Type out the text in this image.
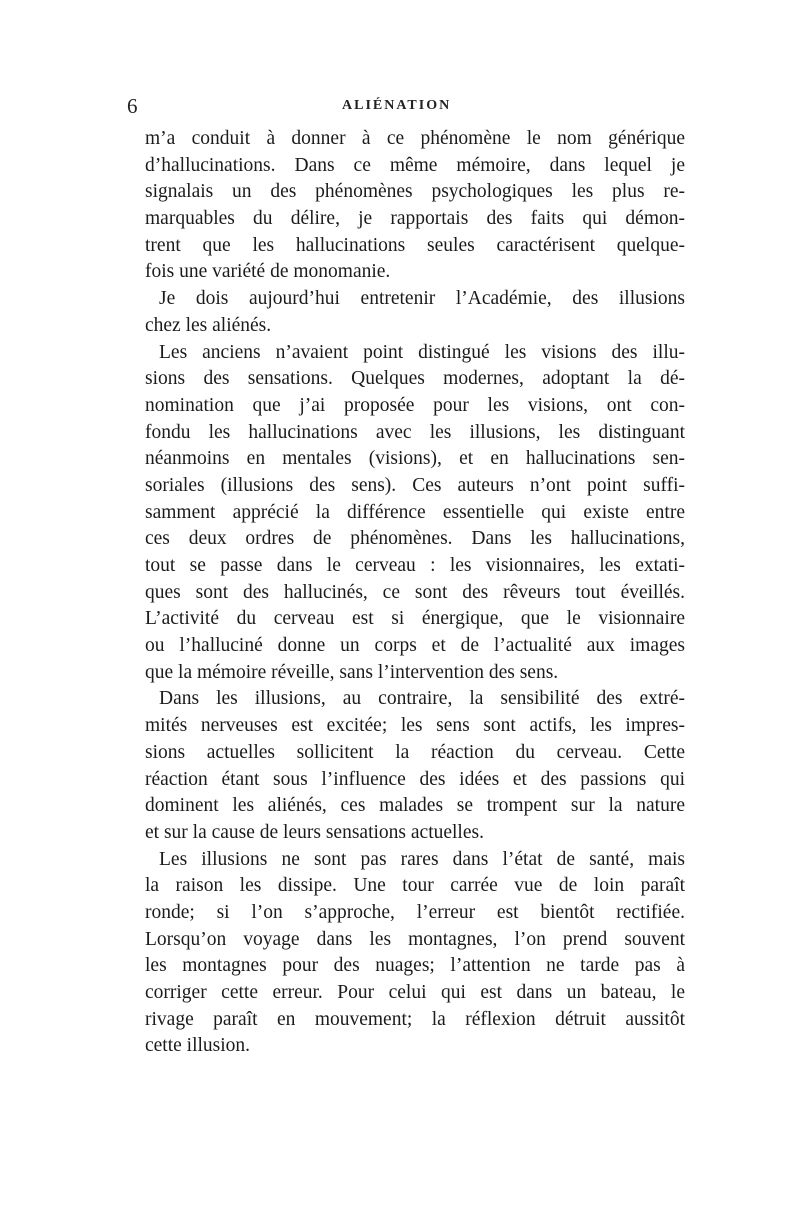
6	ALIÉNATION
m’a conduit à donner à ce phénomène le nom générique
d’hallucinations. Dans ce même mémoire, dans lequel je
signalais un des phénomènes psychologiques les plus re-
marquables du délire, je rapportais des faits qui démon-
trent que les hallucinations seules caractérisent quelque-
fois une variété de monomanie.
Je dois aujourd’hui entretenir l’Académie, des illusions
chez les aliénés.
Les anciens n’avaient point distingué les visions des illu-
sions des sensations. Quelques modernes, adoptant la dé-
nomination que j’ai proposée pour les visions, ont con-
fondu les hallucinations avec les illusions, les distinguant
néanmoins en mentales (visions), et en hallucinations sen-
soriales (illusions des sens). Ces auteurs n’ont point suffi-
samment apprécié la différence essentielle qui existe entre
ces deux ordres de phénomènes. Dans les hallucinations,
tout se passe dans le cerveau : les visionnaires, les extati-
ques sont des hallucinés, ce sont des rêveurs tout éveillés.
L’activité du cerveau est si énergique, que le visionnaire
ou l’halluciné donne un corps et de l’actualité aux images
que la mémoire réveille, sans l’intervention des sens.
Dans les illusions, au contraire, la sensibilité des extré-
mités nerveuses est excitée; les sens sont actifs, les impres-
sions actuelles sollicitent la réaction du cerveau. Cette
réaction étant sous l’influence des idées et des passions qui
dominent les aliénés, ces malades se trompent sur la nature
et sur la cause de leurs sensations actuelles.
Les illusions ne sont pas rares dans l’état de santé, mais
la raison les dissipe. Une tour carrée vue de loin paraît
ronde; si l’on s’approche, l’erreur est bientôt rectifiée.
Lorsqu’on voyage dans les montagnes, l’on prend souvent
les montagnes pour des nuages; l’attention ne tarde pas à
corriger cette erreur. Pour celui qui est dans un bateau, le
rivage paraît en mouvement; la réflexion détruit aussitôt
cette illusion.
